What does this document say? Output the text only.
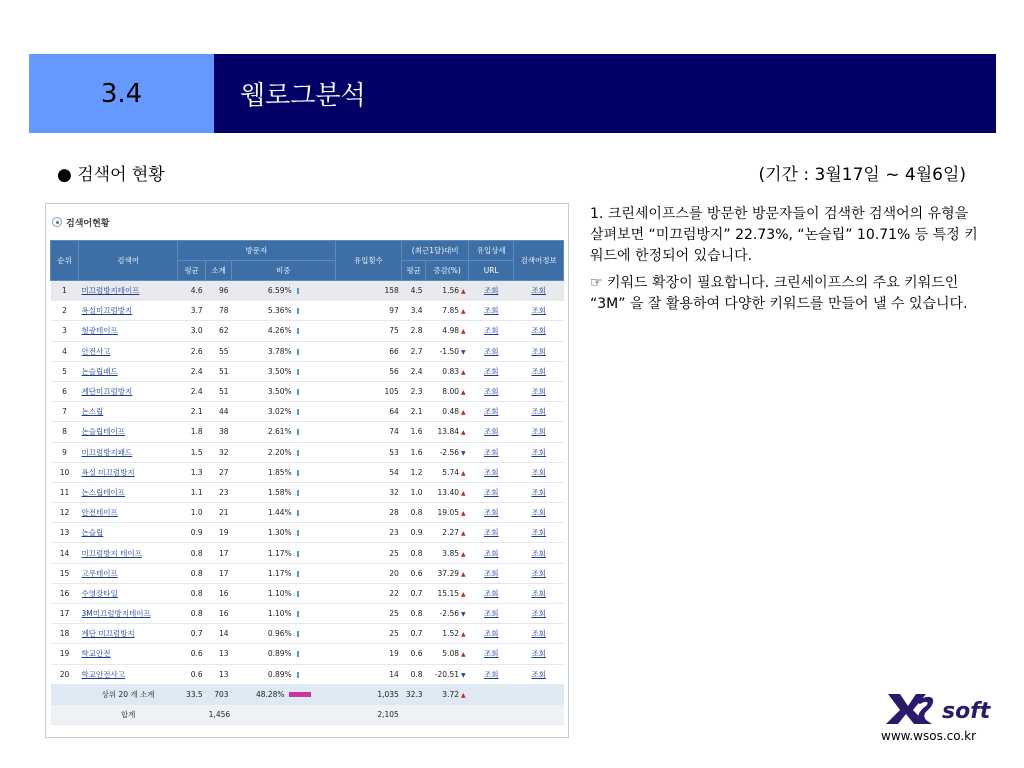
3.4	웹로그분석
● 검색어 현황	(기간 : 3월17일 ~ 4월6일)
검색어현황
순위	검색어	방문자			유입횟수	(최근1달)대비		유입상세	검색어정보
		평균	소계	비중		평균	증감(%)	URL	
1	미끄럼방지테이프	4.6	96	6.59%	158	4.5	1.56 ▲	조회	조회
2	욕실미끄럼방지	3.7	78	5.36%	97	3.4	7.85 ▲	조회	조회
3	형광테이프	3.0	62	4.26%	75	2.8	4.98 ▲	조회	조회
4	안전사고	2.6	55	3.78%	66	2.7	-1.50 ▼	조회	조회
5	논슬립패드	2.4	51	3.50%	56	2.4	0.83 ▲	조회	조회
6	계단미끄럼방지	2.4	51	3.50%	105	2.3	8.00 ▲	조회	조회
7	논스립	2.1	44	3.02%	64	2.1	0.48 ▲	조회	조회
8	논슬립테이프	1.8	38	2.61%	74	1.6	13.84 ▲	조회	조회
9	미끄럼방지패드	1.5	32	2.20%	53	1.6	-2.56 ▼	조회	조회
10	욕실 미끄럼방지	1.3	27	1.85%	54	1.2	5.74 ▲	조회	조회
11	논스립테이프	1.1	23	1.58%	32	1.0	13.40 ▲	조회	조회
12	안전테이프	1.0	21	1.44%	28	0.8	19.05 ▲	조회	조회
13	논슬립	0.9	19	1.30%	23	0.9	2.27 ▲	조회	조회
14	미끄럼방지 테이프	0.8	17	1.17%	25	0.8	3.85 ▲	조회	조회
15	고무테이프	0.8	17	1.17%	20	0.6	37.29 ▲	조회	조회
16	수영장타일	0.8	16	1.10%	22	0.7	15.15 ▲	조회	조회
17	3M미끄럼방지테이프	0.8	16	1.10%	25	0.8	-2.56 ▼	조회	조회
18	계단 미끄럼방지	0.7	14	0.96%	25	0.7	1.52 ▲	조회	조회
19	학교안전	0.6	13	0.89%	19	0.6	5.08 ▲	조회	조회
20	학교안전사고	0.6	13	0.89%	14	0.8	-20.51 ▼	조회	조회
	상위 20 개 소계	33.5	703	48.28%	1,035	32.3	3.72 ▲		
	합계		1,456		2,105				

1. 크린세이프스를 방문한 방문자들이 검색한 검색어의 유형을 살펴보면 “미끄럼방지” 22.73%, “논슬립” 10.71% 등 특정 키워드에 한정되어 있습니다.

☞ 키워드 확장이 필요합니다. 크린세이프스의 주요 키워드인 “3M” 을 잘 활용하여 다양한 키워드를 만들어 낼 수 있습니다.

soft
www.wsos.co.kr
